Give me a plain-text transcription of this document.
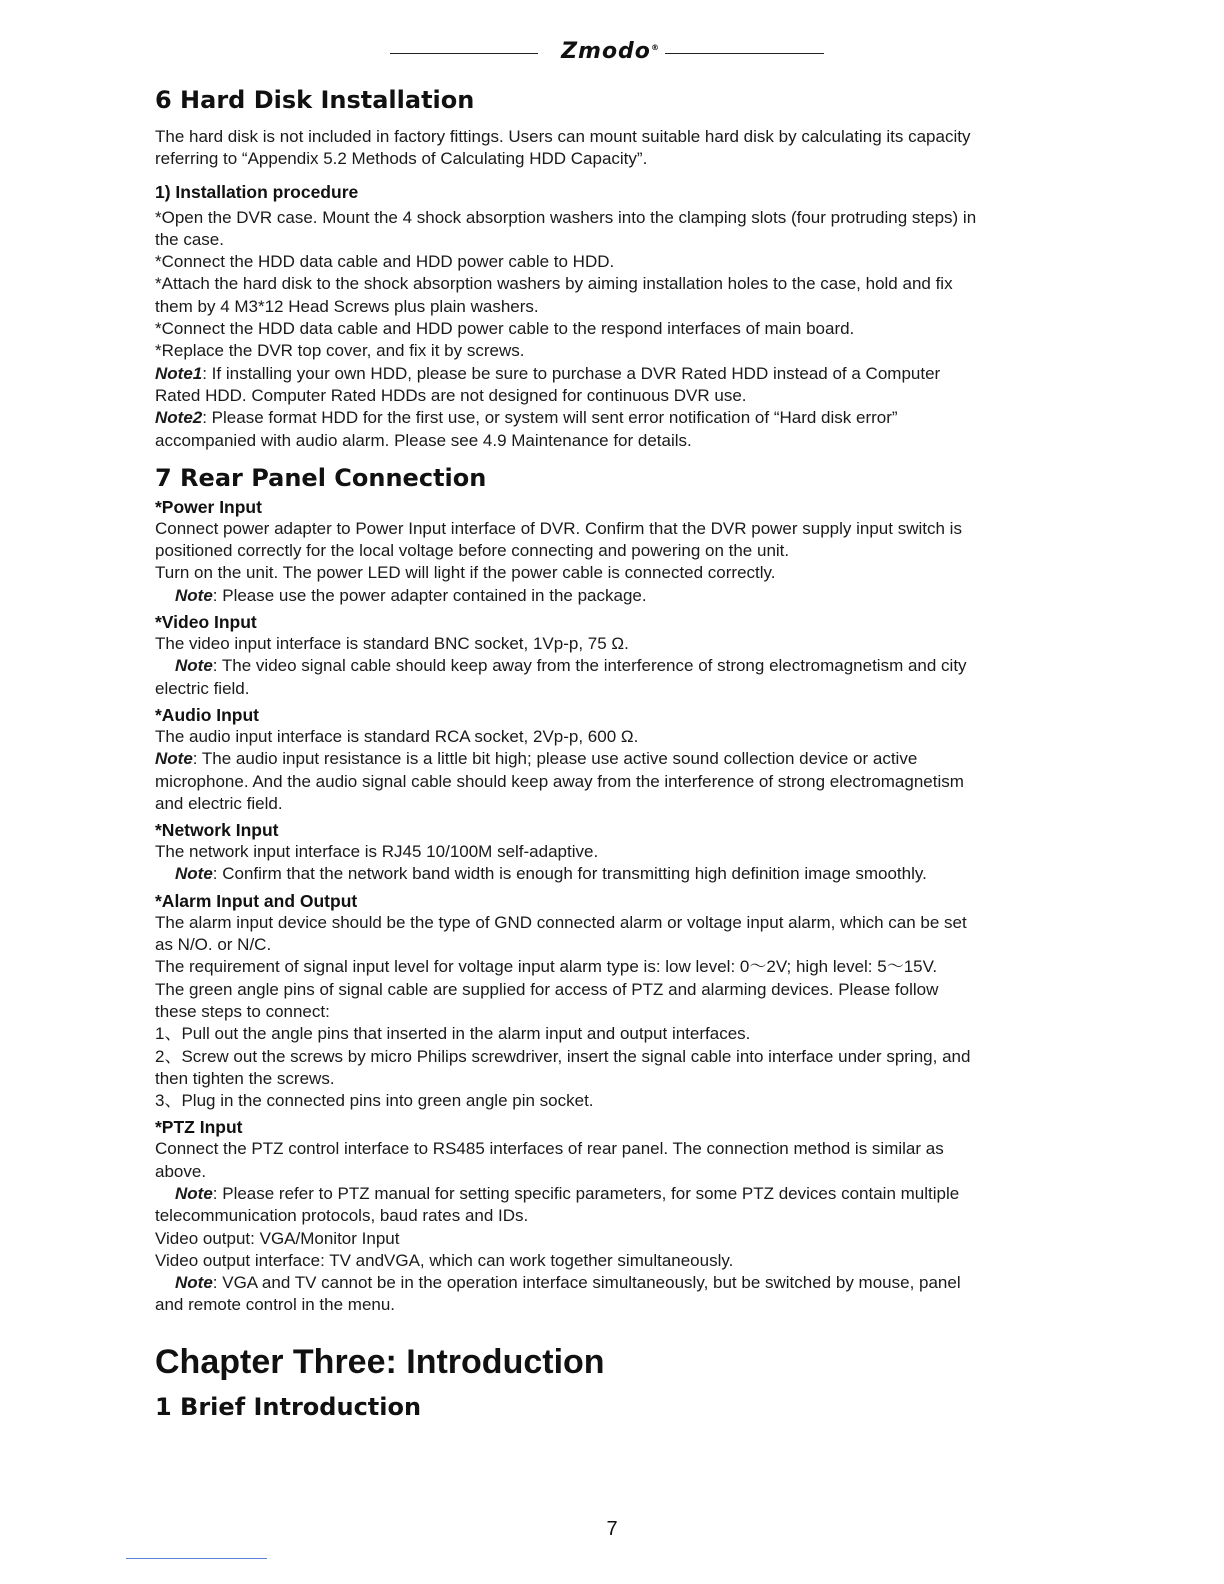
Zmodo ®
6 Hard Disk Installation

The hard disk is not included in factory fittings. Users can mount suitable hard disk by calculating its capacity

referring to “Appendix 5.2 Methods of Calculating HDD Capacity”.

1) Installation procedure

*Open the DVR case. Mount the 4 shock absorption washers into the clamping slots (four protruding steps) in

the case.

*Connect the HDD data cable and HDD power cable to HDD.

*Attach the hard disk to the shock absorption washers by aiming installation holes to the case, hold and fix

them by 4 M3*12 Head Screws plus plain washers.

*Connect the HDD data cable and HDD power cable to the respond interfaces of main board.

*Replace the DVR top cover, and fix it by screws.

Note1: If installing your own HDD, please be sure to purchase a DVR Rated HDD instead of a Computer

Rated HDD. Computer Rated HDDs are not designed for continuous DVR use.

Note2: Please format HDD for the first use, or system will sent error notification of “Hard disk error”

accompanied with audio alarm. Please see 4.9 Maintenance for details.

7 Rear Panel Connection
*Power Input

Connect power adapter to Power Input interface of DVR. Confirm that the DVR power supply input switch is

positioned correctly for the local voltage before connecting and powering on the unit.

Turn on the unit. The power LED will light if the power cable is connected correctly.

Note: Please use the power adapter contained in the package.

*Video Input

The video input interface is standard BNC socket, 1Vp-p, 75 Ω.

Note: The video signal cable should keep away from the interference of strong electromagnetism and city

electric field.

*Audio Input

The audio input interface is standard RCA socket, 2Vp-p, 600 Ω.

Note: The audio input resistance is a little bit high; please use active sound collection device or active

microphone. And the audio signal cable should keep away from the interference of strong electromagnetism

and electric field.

*Network Input

The network input interface is RJ45 10/100M self-adaptive.

Note: Confirm that the network band width is enough for transmitting high definition image smoothly.

*Alarm Input and Output

The alarm input device should be the type of GND connected alarm or voltage input alarm, which can be set

as N/O. or N/C.

The requirement of signal input level for voltage input alarm type is: low level: 0～2V; high level: 5～15V.

The green angle pins of signal cable are supplied for access of PTZ and alarming devices. Please follow

these steps to connect:

1、Pull out the angle pins that inserted in the alarm input and output interfaces.

2、Screw out the screws by micro Philips screwdriver, insert the signal cable into interface under spring, and

then tighten the screws.

3、Plug in the connected pins into green angle pin socket.

*PTZ Input

Connect the PTZ control interface to RS485 interfaces of rear panel. The connection method is similar as

above.

Note: Please refer to PTZ manual for setting specific parameters, for some PTZ devices contain multiple

telecommunication protocols, baud rates and IDs.

Video output: VGA/Monitor Input

Video output interface: TV andVGA, which can work together simultaneously.

Note: VGA and TV cannot be in the operation interface simultaneously, but be switched by mouse, panel

and remote control in the menu.

Chapter Three: Introduction
1 Brief Introduction
7
